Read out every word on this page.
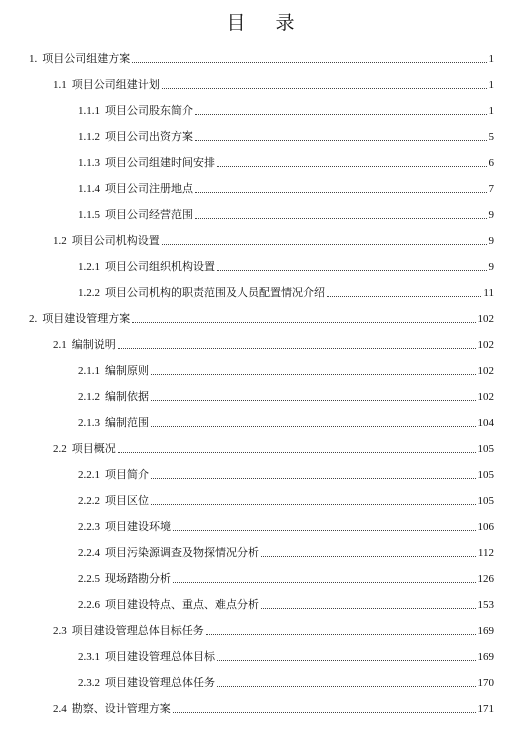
目 录
1. 项目公司组建方案	1
1.1 项目公司组建计划	1
1.1.1 项目公司股东简介	1
1.1.2 项目公司出资方案	5
1.1.3 项目公司组建时间安排	6
1.1.4 项目公司注册地点	7
1.1.5 项目公司经营范围	9
1.2 项目公司机构设置	9
1.2.1 项目公司组织机构设置	9
1.2.2 项目公司机构的职责范围及人员配置情况介绍	11
2. 项目建设管理方案	102
2.1 编制说明	102
2.1.1 编制原则	102
2.1.2 编制依据	102
2.1.3 编制范围	104
2.2 项目概况	105
2.2.1 项目简介	105
2.2.2 项目区位	105
2.2.3 项目建设环境	106
2.2.4 项目污染源调查及物探情况分析	112
2.2.5 现场踏勘分析	126
2.2.6 项目建设特点、重点、难点分析	153
2.3 项目建设管理总体目标任务	169
2.3.1 项目建设管理总体目标	169
2.3.2 项目建设管理总体任务	170
2.4 勘察、设计管理方案	171
